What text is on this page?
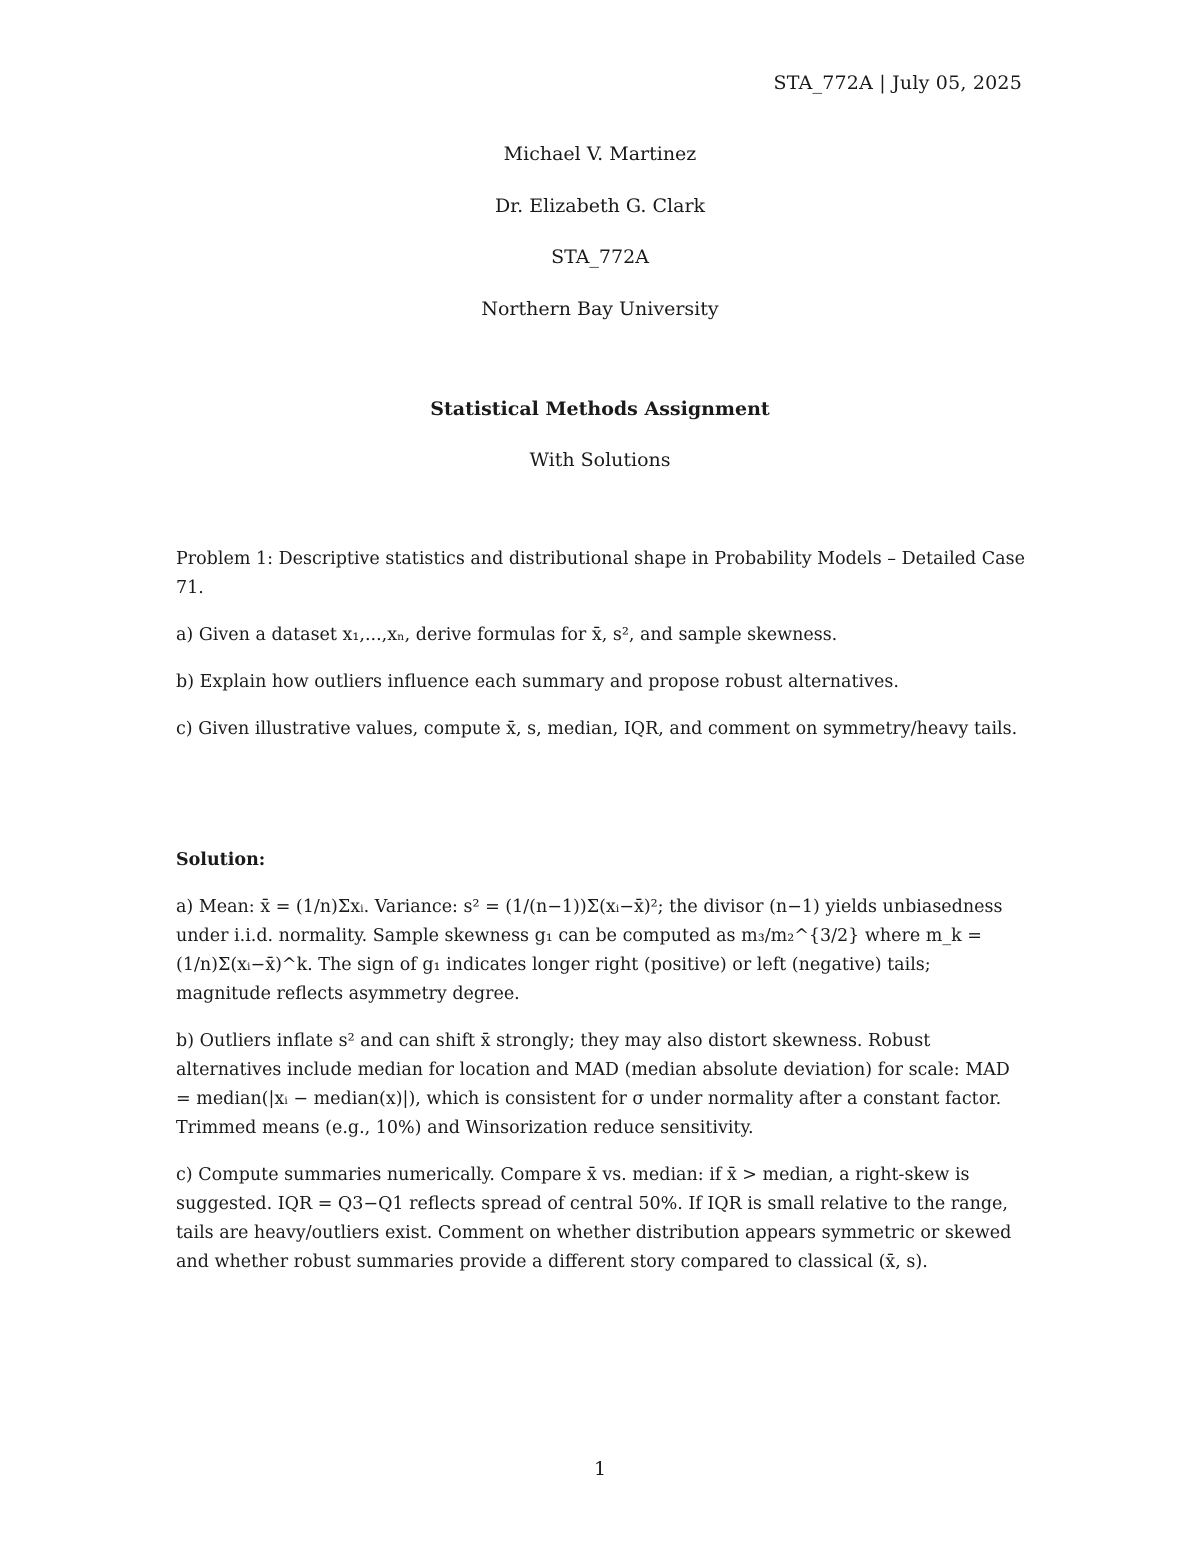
STA_772A | July 05, 2025
Michael V. Martinez
Dr. Elizabeth G. Clark
STA_772A
Northern Bay University
Statistical Methods Assignment
With Solutions

Problem 1: Descriptive statistics and distributional shape in Probability Models – Detailed Case 71.

a) Given a dataset x₁,...,xₙ, derive formulas for x̄, s², and sample skewness.

b) Explain how outliers influence each summary and propose robust alternatives.

c) Given illustrative values, compute x̄, s, median, IQR, and comment on symmetry/heavy tails.

Solution:

a) Mean: x̄ = (1/n)Σxᵢ. Variance: s² = (1/(n−1))Σ(xᵢ−x̄)²; the divisor (n−1) yields unbiasedness under i.i.d. normality. Sample skewness g₁ can be computed as m₃/m₂^{3/2} where m_k = (1/n)Σ(xᵢ−x̄)^k. The sign of g₁ indicates longer right (positive) or left (negative) tails; magnitude reflects asymmetry degree.

b) Outliers inflate s² and can shift x̄ strongly; they may also distort skewness. Robust alternatives include median for location and MAD (median absolute deviation) for scale: MAD = median(|xᵢ − median(x)|), which is consistent for σ under normality after a constant factor. Trimmed means (e.g., 10%) and Winsorization reduce sensitivity.

c) Compute summaries numerically. Compare x̄ vs. median: if x̄ > median, a right-skew is suggested. IQR = Q3−Q1 reflects spread of central 50%. If IQR is small relative to the range, tails are heavy/outliers exist. Comment on whether distribution appears symmetric or skewed and whether robust summaries provide a different story compared to classical (x̄, s).

1
